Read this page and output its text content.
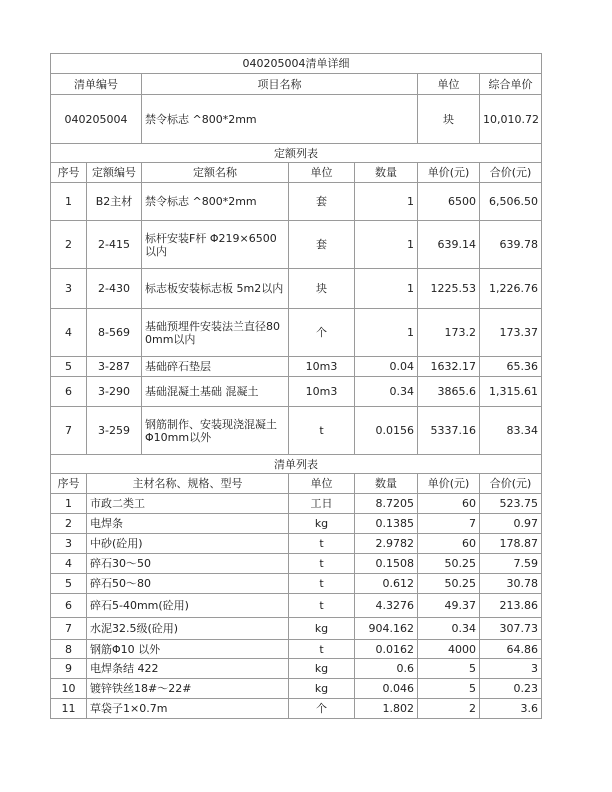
040205004清单详细						
清单编号		项目名称			单位	综合单价
040205004		禁令标志 ^800*2mm			块	10,010.72
定额列表						
序号	定额编号	定额名称	单位	数量	单价(元)	合价(元)
1	B2主材	禁令标志 ^800*2mm	套	1	6500	6,506.50
2	2-415	标杆安装F杆 Φ219×6500以内	套	1	639.14	639.78
3	2-430	标志板安装标志板 5m2以内	块	1	1225.53	1,226.76
4	8-569	基础预埋件安装法兰直径800mm以内	个	1	173.2	173.37
5	3-287	基础碎石垫层	10m3	0.04	1632.17	65.36
6	3-290	基础混凝土基础 混凝土	10m3	0.34	3865.6	1,315.61
7	3-259	钢筋制作、安装现浇混凝土Φ10mm以外	t	0.0156	5337.16	83.34
清单列表						
序号	主材名称、规格、型号		单位	数量	单价(元)	合价(元)
1	市政二类工		工日	8.7205	60	523.75
2	电焊条		kg	0.1385	7	0.97
3	中砂(砼用)		t	2.9782	60	178.87
4	碎石30～50		t	0.1508	50.25	7.59
5	碎石50～80		t	0.612	50.25	30.78
6	碎石5-40mm(砼用)		t	4.3276	49.37	213.86
7	水泥32.5级(砼用)		kg	904.162	0.34	307.73
8	钢筋Φ10 以外		t	0.0162	4000	64.86
9	电焊条结 422		kg	0.6	5	3
10	镀锌铁丝18#～22#		kg	0.046	5	0.23
11	草袋子1×0.7m		个	1.802	2	3.6
